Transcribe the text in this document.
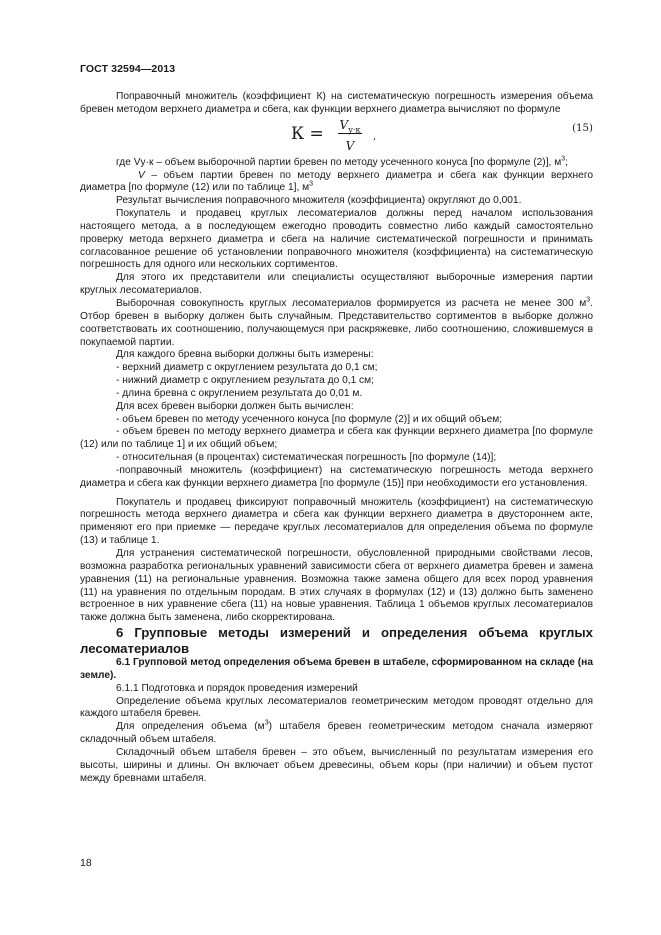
ГОСТ 32594—2013

Поправочный множитель (коэффициент К) на систематическую погрешность измерения объема бревен методом верхнего диаметра и сбега, как функции верхнего диаметра вычисляют по формуле

К =	$V_{у\cdot к}$
V
,
(15)

где Vу·к – объем выборочной партии бревен по методу усеченного конуса [по формуле (2)], $м^3$;

V – объем партии бревен по методу верхнего диаметра и сбега как функции верхнего диаметра [по формуле (12) или по таблице 1], $м^3$

Результат вычисления поправочного множителя (коэффициента) округляют до 0,001.

Покупатель и продавец круглых лесоматериалов должны перед началом использования настоящего метода, а в последующем ежегодно проводить совместно либо каждый самостоятельно проверку метода верхнего диаметра и сбега на наличие систематической погрешности и принимать согласованное решение об установлении поправочного множителя (коэффициента) на систематическую погрешность для одного или нескольких сортиментов.

Для этого их представители или специалисты осуществляют выборочные измерения партии круглых лесоматериалов.

Выборочная совокупность круглых лесоматериалов формируется из расчета не менее 300 $м^3$. Отбор бревен в выборку должен быть случайным. Представительство сортиментов в выборке должно соответствовать их соотношению, получающемуся при раскряжевке, либо соотношению, сложившемуся в покупаемой партии.

Для каждого бревна выборки должны быть измерены:

- верхний диаметр с округлением результата до 0,1 см;

- нижний диаметр с округлением результата до 0,1 см;

- длина бревна с округлением результата до 0,01 м.

Для всех бревен выборки должен быть вычислен:

- объем бревен по методу усеченного конуса [по формуле (2)] и их общий объем;

- объем бревен по методу верхнего диаметра и сбега как функции верхнего диаметра [по формуле (12) или по таблице 1] и их общий объем;

- относительная (в процентах) систематическая погрешность [по формуле (14)];

-поправочный множитель (коэффициент) на систематическую погрешность метода верхнего диаметра и сбега как функции верхнего диаметра [по формуле (15)] при необходимости его установления.

Покупатель и продавец фиксируют поправочный множитель (коэффициент) на систематическую погрешность метода верхнего диаметра и сбега как функции верхнего диаметра в двустороннем акте, применяют его при приемке — передаче круглых лесоматериалов для определения объема по формуле (13) и таблице 1.

Для устранения систематической погрешности, обусловленной природными свойствами лесов, возможна разработка региональных уравнений зависимости сбега от верхнего диаметра бревен и замена уравнения (11) на региональные уравнения. Возможна также замена общего для всех пород уравнения (11) на уравнения по отдельным породам. В этих случаях в формулах (12) и (13) должно быть заменено встроенное в них уравнение сбега (11) на новые уравнения. Таблица 1 объемов круглых лесоматериалов также должна быть заменена, либо скорректирована.

6 Групповые методы измерений и определения объема круглых лесоматериалов

6.1 Групповой метод определения объема бревен в штабеле, сформированном на складе (на земле).

6.1.1 Подготовка и порядок проведения измерений

Определение объема круглых лесоматериалов геометрическим методом проводят отдельно для каждого штабеля бревен.

Для определения объема $(м^3)$ штабеля бревен геометрическим методом сначала измеряют складочный объем штабеля.

Складочный объем штабеля бревен – это объем, вычисленный по результатам измерения его высоты, ширины и длины. Он включает объем древесины, объем коры (при наличии) и объем пустот между бревнами штабеля.

18
